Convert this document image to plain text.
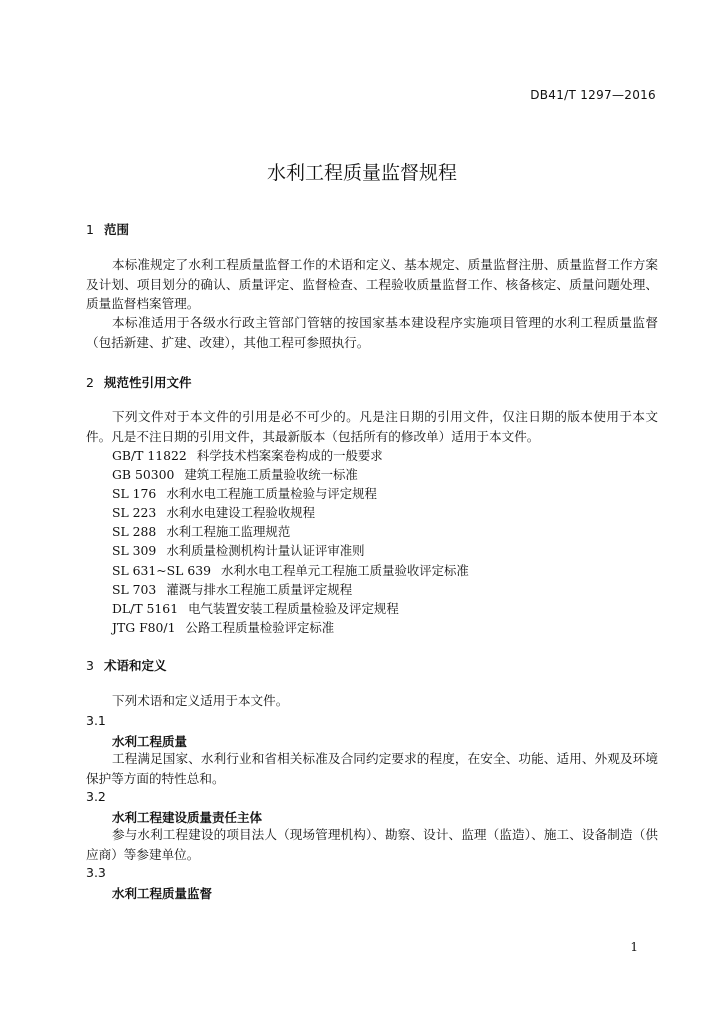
DB41/T 1297—2016
水利工程质量监督规程
1 范围
本标准规定了水利工程质量监督工作的术语和定义、基本规定、质量监督注册、质量监督工作方案及计划、项目划分的确认、质量评定、监督检查、工程验收质量监督工作、核备核定、质量问题处理、质量监督档案管理。
本标准适用于各级水行政主管部门管辖的按国家基本建设程序实施项目管理的水利工程质量监督（包括新建、扩建、改建），其他工程可参照执行。
2 规范性引用文件
下列文件对于本文件的引用是必不可少的。凡是注日期的引用文件，仅注日期的版本使用于本文件。凡是不注日期的引用文件，其最新版本（包括所有的修改单）适用于本文件。
GB/T 11822 科学技术档案案卷构成的一般要求
GB 50300 建筑工程施工质量验收统一标准
SL 176 水利水电工程施工质量检验与评定规程
SL 223 水利水电建设工程验收规程
SL 288 水利工程施工监理规范
SL 309 水利质量检测机构计量认证评审准则
SL 631~SL 639 水利水电工程单元工程施工质量验收评定标准
SL 703 灌溉与排水工程施工质量评定规程
DL/T 5161 电气装置安装工程质量检验及评定规程
JTG F80/1 公路工程质量检验评定标准
3 术语和定义
下列术语和定义适用于本文件。
3.1
水利工程质量
工程满足国家、水利行业和省相关标准及合同约定要求的程度，在安全、功能、适用、外观及环境保护等方面的特性总和。
3.2
水利工程建设质量责任主体
参与水利工程建设的项目法人（现场管理机构）、勘察、设计、监理（监造）、施工、设备制造（供应商）等参建单位。
3.3
水利工程质量监督
1
